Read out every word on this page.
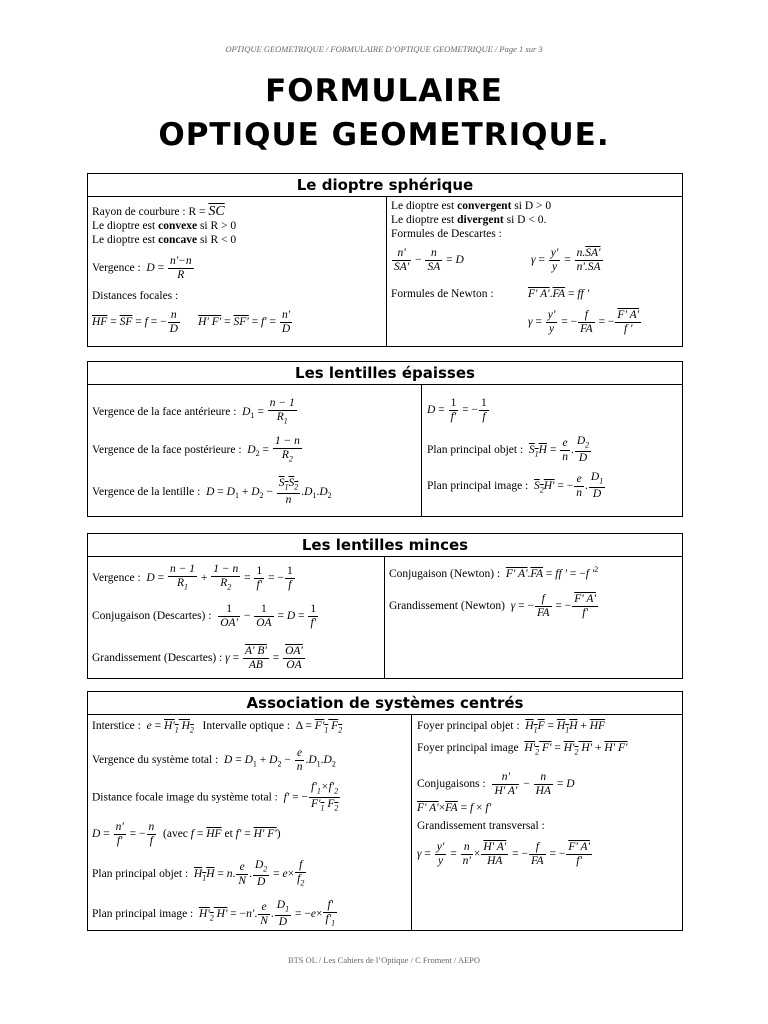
OPTIQUE GEOMETRIQUE / FORMULAIRE D’OPTIQUE GEOMETRIQUE / Page 1 sur 3
FORMULAIRE
OPTIQUE GEOMETRIQUE.
Le dioptre sphérique
Rayon de courbure : R = SC
Le dioptre est convexe si R > 0
Le dioptre est concave si R < 0
Vergence : $D = \frac{n'-n}{R}$
Distances focales :
$\overline{HF} = \overline{SF} = f$ = − $\frac{n}{D} H'$ $F' = SF' = f' = \frac{n'}{D}$
Le dioptre est convergent si D > 0
Le dioptre est divergent si D < 0.
Formules de Descartes :
$\frac{n'}{SA'} - \frac{n}{SA} = D$	$\gamma = \frac{y'}{y} = \frac{n.SA'}{n'.\overline{SA}}$
Formules de Newton :	F' $A'.\overline{FA}$ = ff '
$\gamma = \frac{y'}{y}$ = − $\frac{f}{FA}$ = − $\frac{F' A'}{f '}$
Les lentilles épaisses
Vergence de la face antérieure : $D_1 = \frac{n - 1}{R_1}$
Vergence de la face postérieure : $D_2 = \frac{1 - n}{R_2}$
Vergence de la lentille : $D = D_1 + D_2 - \frac{S_1S_2}{n} .D_1.D_2$
$D = \frac{1}{f'}$ = − $\frac{1}{f}$
Plan principal objet : $S_1H = \frac{e}{n}$ . $\frac{D_2}{D}$
Plan principal image : $S_2H'$ = − $\frac{e}{n}$ . $\frac{D_1}{D}$
Les lentilles minces
Vergence : $D = \frac{n - 1}{R_1} + \frac{1 - n}{R_2} = \frac{1}{f'}$ = − $\frac{1}{f}$
Conjugaison (Descartes) : $\frac{1}{OA'} - \frac{1}{OA} = D = \frac{1}{f'}$
Grandissement (Descartes) : $\gamma = \frac{A' B'}{AB} = \frac{OA'}{OA}$
Conjugaison (Newton) : F' $A'.\overline{FA}$ = ff ' = −f '$^2$
Grandissement (Newton) γ = − $\frac{f}{FA}$ = − $\frac{F' A'}{f'}$
Association de systèmes centrés
Interstice : $e = H'_1$ $H_2$ Intervalle optique :  $\Delta = F'_1$ $F_2$
Vergence du système total : $D = D_1 + D_2 - \frac{e}{n} .D_1.D_2$
Distance focale image du système total : f' = − $\frac{f'_1\times f'_2}{F'_1 F_2}$
$D = \frac{n'}{f'}$ = − $\frac{n}{f}$ (avec $f = \overline{HF}$ et f' = H' F')
Plan principal objet : $H_1H = n$. $\frac{e}{N}$ . $\frac{D_2}{D} = e\times \frac{f}{f_2}$
Plan principal image : $H'_2$ H' = −n'. $\frac{e}{N}$ . $\frac{D_1}{D} = -e\times \frac{f'}{f'_1}$
Foyer principal objet : $H_1F = H_1H + \overline{HF}$
Foyer principal image $H'_2$ $F' = H'_2$ H' + H' F'
Conjugaisons : $\frac{n'}{H' A'} - \frac{n}{HA} = D$
F' $A'\times\overline{FA} = f \times f'$
Grandissement transversal :
$\gamma = \frac{y'}{y} = \frac{n}{n'} \times \frac{H' A'}{HA}$ = − $\frac{f}{FA}$ = − $\frac{F' A'}{f'}$
BTS OL / Les Cahiers de l’Optique / C Froment / AEPO
